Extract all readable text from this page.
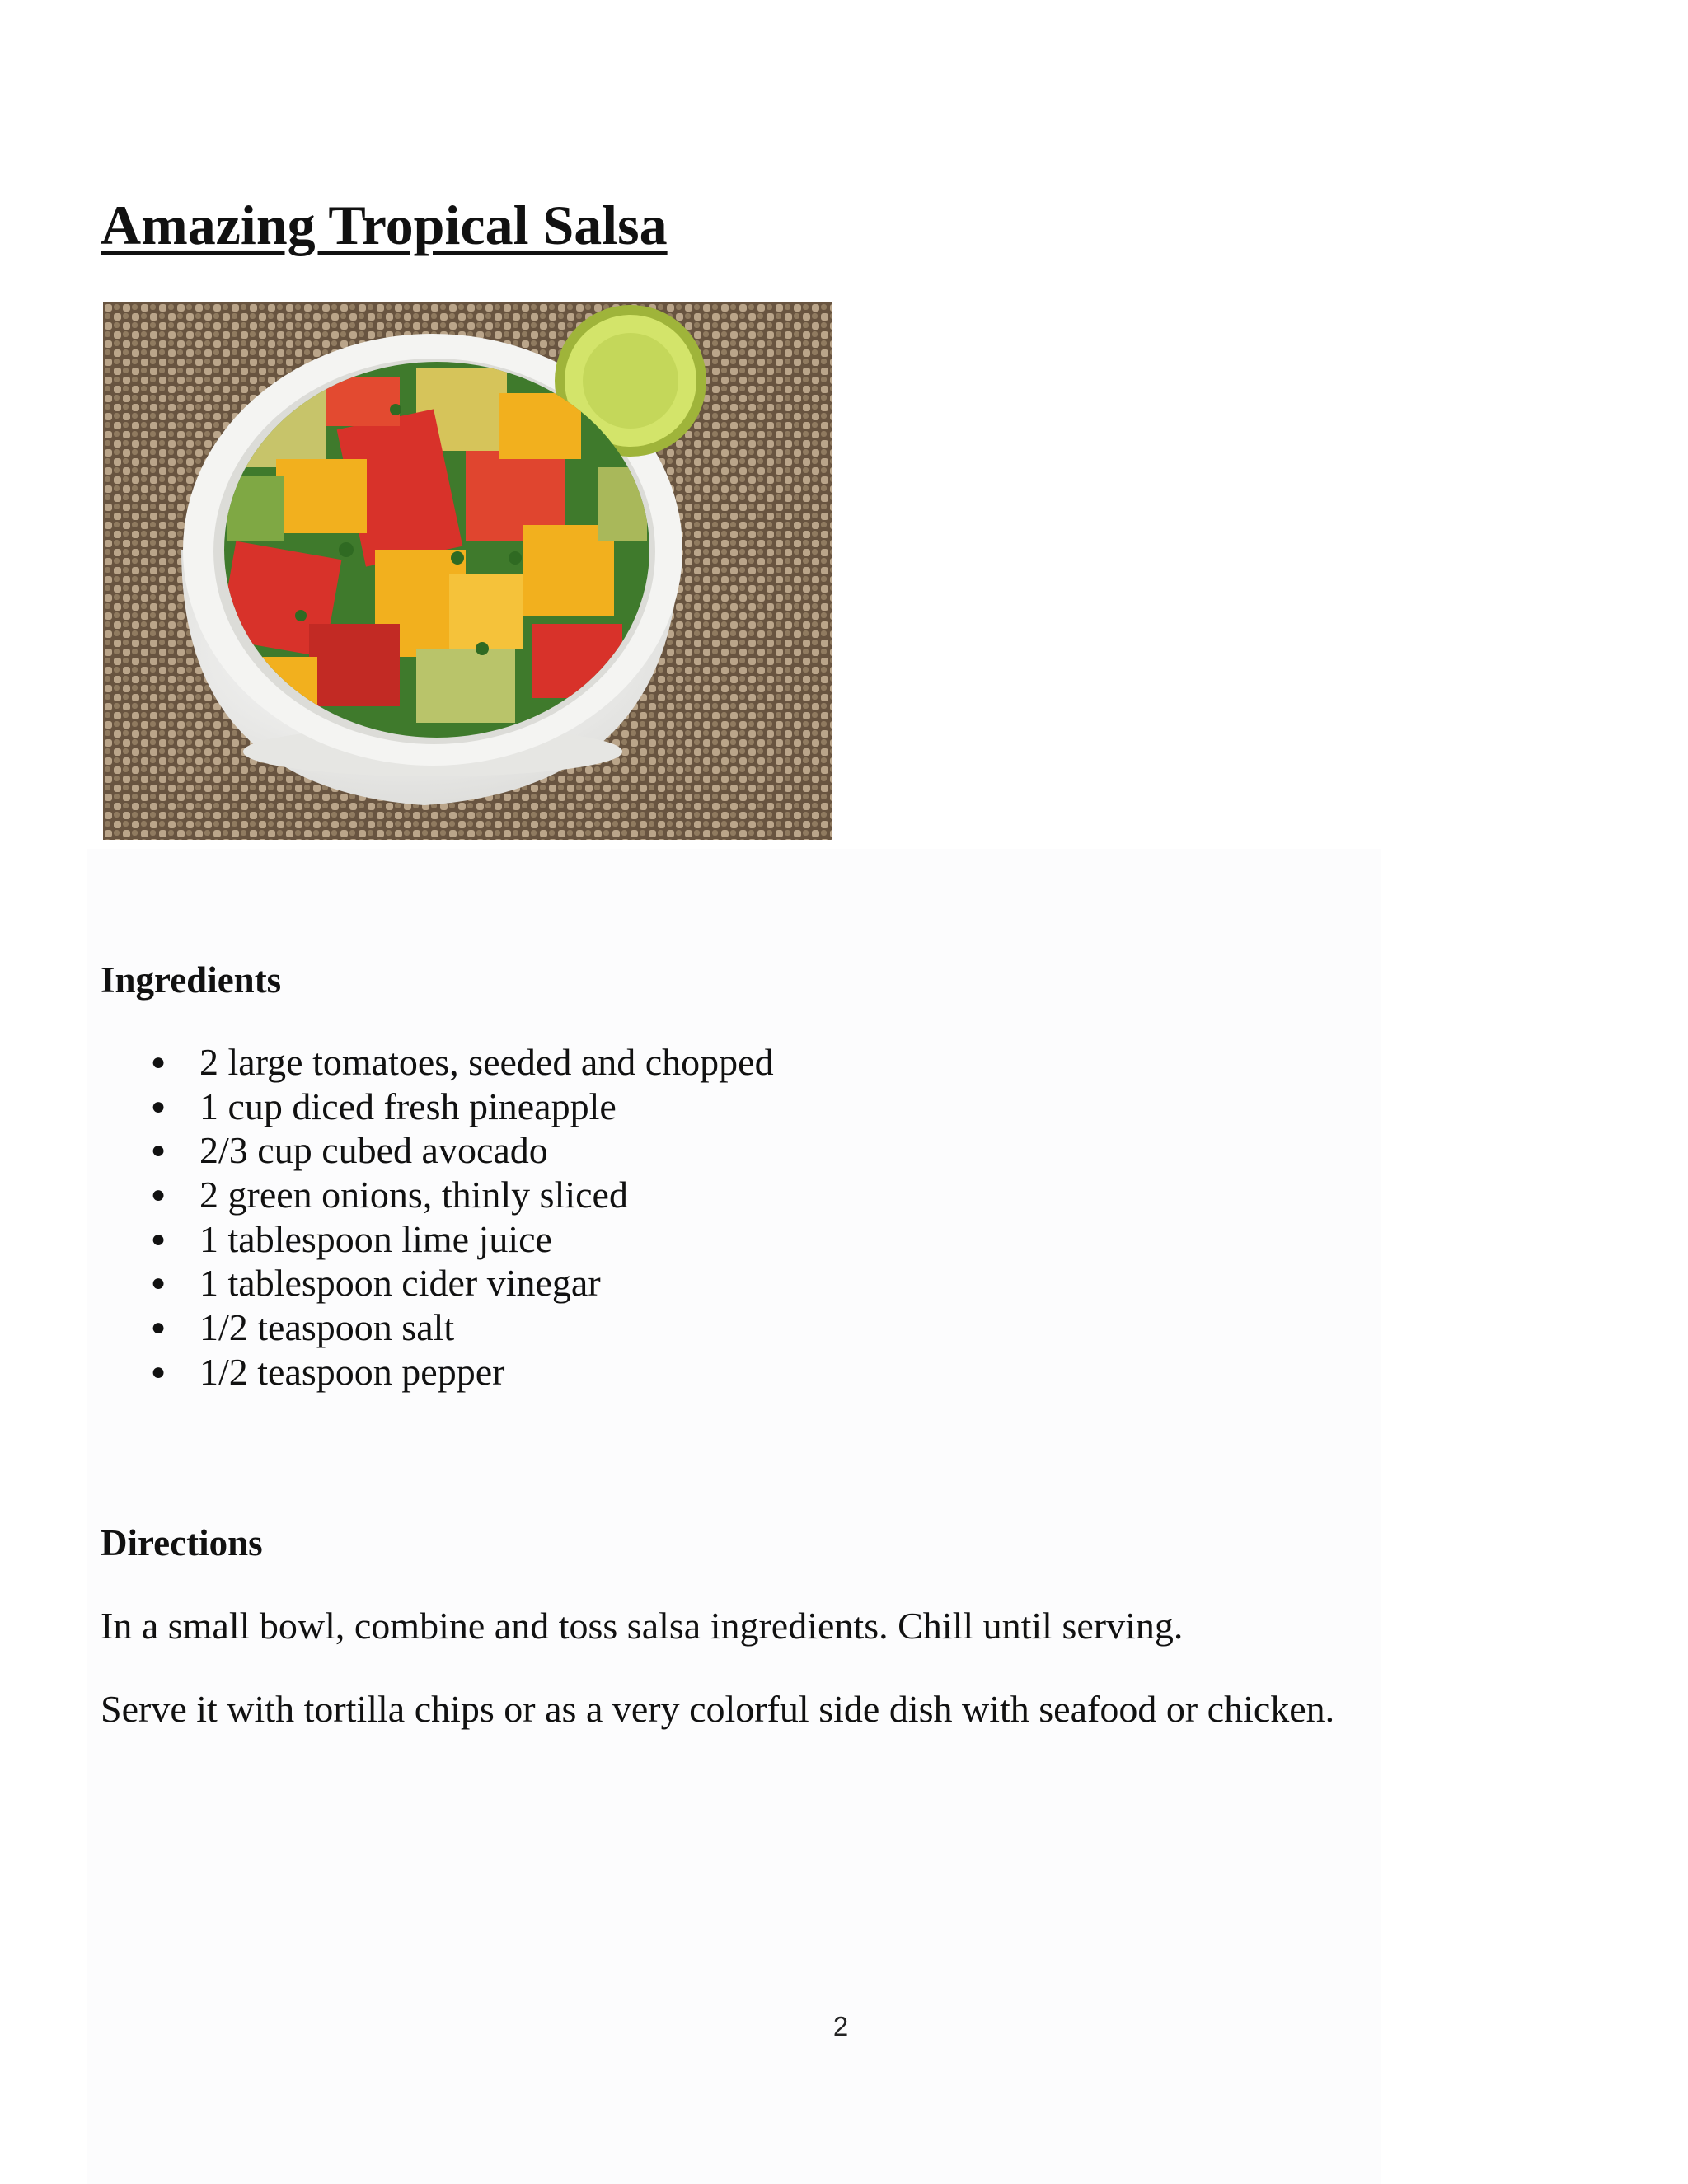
Amazing Tropical Salsa
Ingredients
● 2 large tomatoes, seeded and chopped
● 1 cup diced fresh pineapple
● 2/3 cup cubed avocado
● 2 green onions, thinly sliced
● 1 tablespoon lime juice
● 1 tablespoon cider vinegar
● 1/2 teaspoon salt
● 1/2 teaspoon pepper
Directions

In a small bowl, combine and toss salsa ingredients. Chill until serving.

Serve it with tortilla chips or as a very colorful side dish with seafood or chicken.

2
